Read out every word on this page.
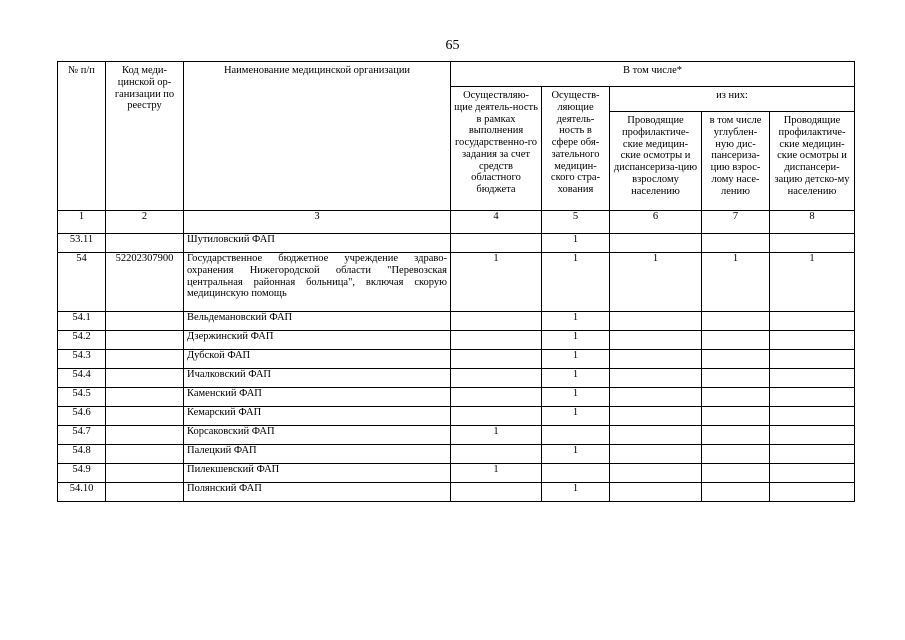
65
№ п/п	Код меди-цинской ор-ганизации по реестру	Наименование медицинской организации	В том числе*				
			Осуществляю-щие деятель-ность в рамках выполнения государственно-го задания за счет средств областного бюджета	Осуществ-ляющие деятель-ность в сфере обя-зательного медицин-ского стра-хования	из них:		
					Проводящие профилактиче-ские медицин-ские осмотры и диспансериза-цию взрослому населению	в том числе углублен-ную дис-пансериза-цию взрос-лому насе-лению	Проводящие профилактиче-ские медицин-ские осмотры и диспансери-зацию детско-му населению
1	2	3	4	5	6	7	8
53.11		Шутиловский ФАП		1			
54	52202307900	Государственное бюджетное учреждение здраво-охранения Нижегородской области "Перевозская центральная районная больница", включая скорую медицинскую помощь	1	1	1	1	1
54.1		Вельдемановский ФАП		1			
54.2		Дзержинский ФАП		1			
54.3		Дубской ФАП		1			
54.4		Ичалковский ФАП		1			
54.5		Каменский ФАП		1			
54.6		Кемарский ФАП		1			
54.7		Корсаковский ФАП	1				
54.8		Палецкий ФАП		1			
54.9		Пилекшевский ФАП	1				
54.10		Полянский ФАП		1			
